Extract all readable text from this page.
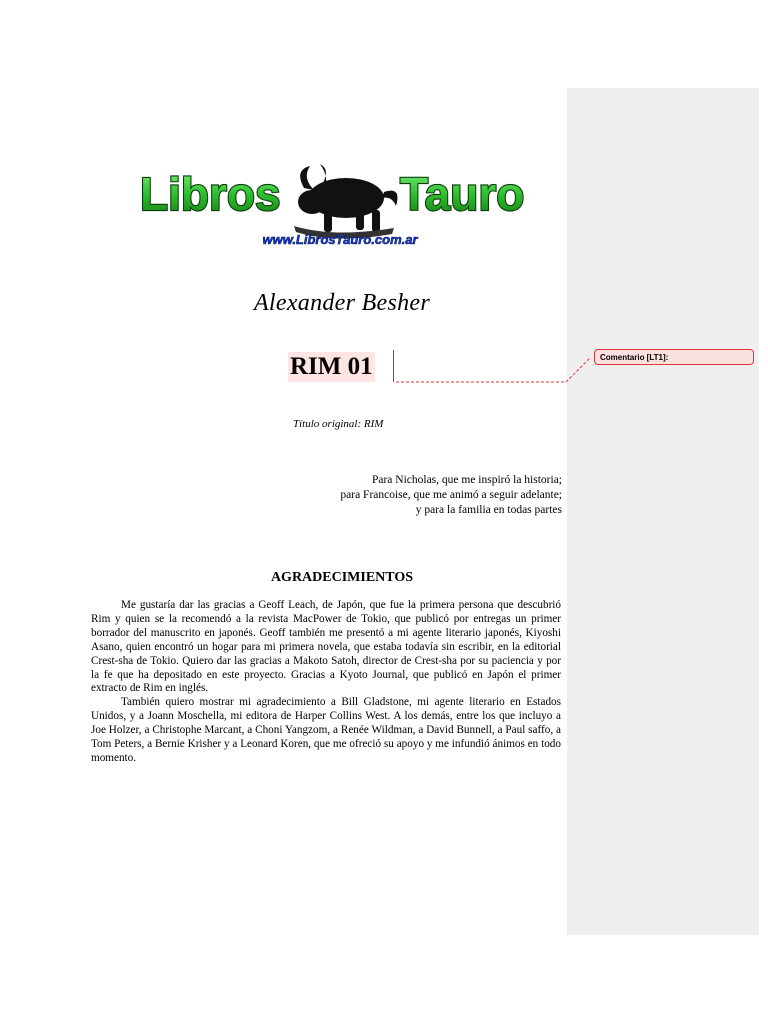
Libros	Tauro
www.LibrosTauro.com.ar
Alexander Besher
RIM 01	Comentario [LT1]:
Título original: RIM
Para Nicholas, que me inspiró la historia;
para Francoise, que me animó a seguir adelante;
y para la familia en todas partes
AGRADECIMIENTOS

Me gustaría dar las gracias a Geoff Leach, de Japón, que fue la primera persona que descubrió Rim y quien se la recomendó a la revista MacPower de Tokio, que publicó por entregas un primer borrador del manuscrito en japonés. Geoff también me presentó a mi agente literario japonés, Kiyoshi Asano, quien encontró un hogar para mi primera novela, que estaba todavía sin escribir, en la editorial Crest-sha de Tokio. Quiero dar las gracias a Makoto Satoh, director de Crest-sha por su paciencia y por la fe que ha depositado en este proyecto. Gracias a Kyoto Journal, que publicó en Japón el primer extracto de Rim en inglés.

También quiero mostrar mi agradecimiento a Bill Gladstone, mi agente literario en Estados Unidos, y a Joann Moschella, mi editora de Harper Collins West. A los demás, entre los que incluyo a Joe Holzer, a Christophe Marcant, a Choni Yangzom, a Renée Wildman, a David Bunnell, a Paul saffo, a Tom Peters, a Bernie Krisher y a Leonard Koren, que me ofreció su apoyo y me infundió ánimos en todo momento.
